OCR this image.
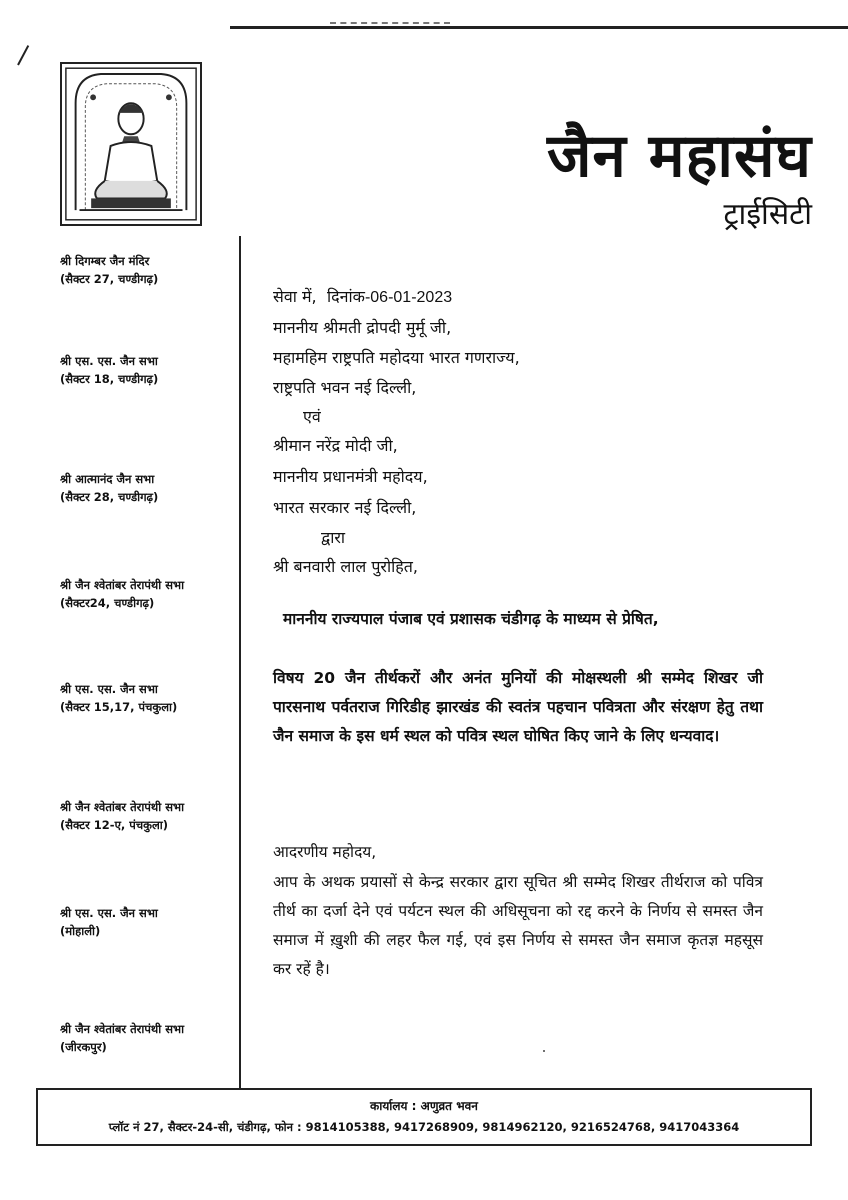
जैन महासंघ
ट्राईसिटी
श्री दिगम्बर जैन मंदिर
(सैक्टर 27, चण्डीगढ़)
श्री एस. एस. जैन सभा
(सैक्टर 18, चण्डीगढ़)
श्री आत्मानंद जैन सभा
(सैक्टर 28, चण्डीगढ़)
श्री जैन श्वेतांबर तेरापंथी सभा
(सैक्टर24, चण्डीगढ़)
श्री एस. एस. जैन सभा
(सैक्टर 15,17, पंचकुला)
श्री जैन श्वेतांबर तेरापंथी सभा
(सैक्टर 12-ए, पंचकुला)
श्री एस. एस. जैन सभा
(मोहाली)
श्री जैन श्वेतांबर तेरापंथी सभा
(जीरकपुर)
दिनांक-06-01-2023
सेवा में,
माननीय श्रीमती द्रोपदी मुर्मू जी,
महामहिम राष्ट्रपति महोदया भारत गणराज्य,
राष्ट्रपति भवन नई दिल्ली,
एवं
श्रीमान नरेंद्र मोदी जी,
माननीय प्रधानमंत्री महोदय,
भारत सरकार नई दिल्ली,
द्वारा
श्री बनवारी लाल पुरोहित,
माननीय राज्यपाल पंजाब एवं प्रशासक चंडीगढ़ के माध्यम से प्रेषित,
विषय 20 जैन तीर्थकरों और अनंत मुनियों की मोक्षस्थली श्री सम्मेद शिखर जी पारसनाथ पर्वतराज गिरिडीह झारखंड की स्वतंत्र पहचान पवित्रता और संरक्षण हेतु तथा जैन समाज के इस धर्म स्थल को पवित्र स्थल घोषित किए जाने के लिए धन्यवाद।
आदरणीय महोदय,
आप के अथक प्रयासों से केन्द्र सरकार द्वारा सूचित श्री सम्मेद शिखर तीर्थराज को पवित्र तीर्थ का दर्जा देने एवं पर्यटन स्थल की अधिसूचना को रद्द करने के निर्णय से समस्त जैन समाज में ख़ुशी की लहर फैल गई, एवं इस निर्णय से समस्त जैन समाज कृतज्ञ महसूस कर रहें है।
कार्यालय : अणुव्रत भवन
प्लॉट नं 27, सैक्टर-24-सी, चंडीगढ़, फोन : 9814105388, 9417268909, 9814962120, 9216524768, 9417043364
